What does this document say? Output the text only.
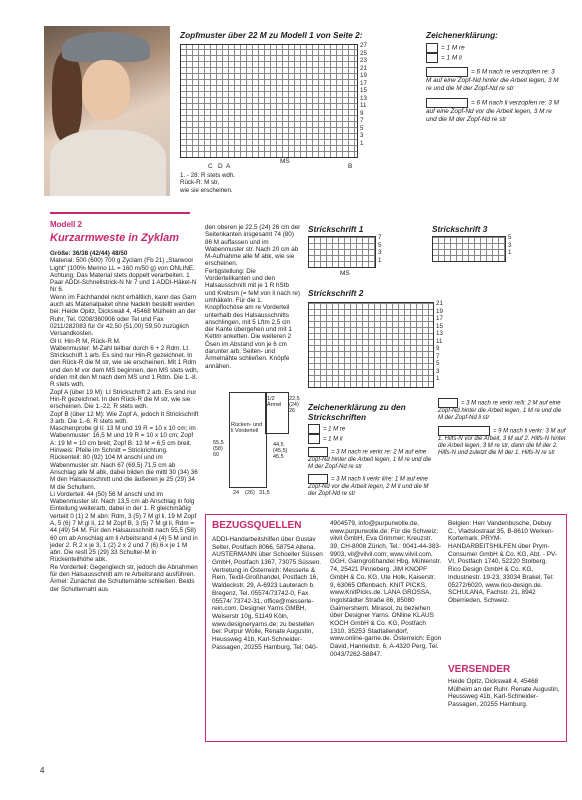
Zopfmuster über 22 M zu Modell 1 von Seite 2:
27
25
23
21
19
17
15
13
11
9
7
5
3
1
C D A
MS
B
1. - 28. R stets wdh.
Rück-R: M str,
wie sie erscheinen.
Zeichenerklärung:
= 1 M re
= 1 M li
= 6 M nach re verzopfen re: 3 M auf eine Zopf-Nd hinter die Arbeit legen, 3 M re und die M der Zopf-Nd re str
= 6 M nach li verzopfen re: 3 M auf eine Zopf-Nd vor die Arbeit legen, 3 M re und die M der Zopf-Nd re str
Modell 2
Kurzarmweste in Zyklam
Größe: 36/38 (42/44) 48/50
Material: 500 (600) 700 g Zyclam (Fb 21) „Starwool Light“ (100% Merino LL = 160 m/50 g) von ONLINE. Achtung: Das Material stets doppelt verarbeiten. 1 Paar ADDI-Schnellstrick-N Nr 7 und 1 ADDI-Häkel-N Nr 6.
Wenn im Fachhandel nicht erhältlich, kann das Garn auch als Materialpaket ohne Nadeln bestellt werden bei: Heide Opitz, Dickswall 4, 45468 Mülheim an der Ruhr, Tel. 0208/360906 oder Tel und Fax 0211/282083 für Gr 42,50 (51,00) 59,50 zuzüglich Versandkosten.
Gl li: Hin-R M, Rück-R M.
Wabenmuster: M-Zahl teilbar durch 6 + 2 Rdm. Lt Strickschrift 1 arb. Es sind nur Hin-R gezeichnet. In den Rück-R die M str, wie sie erscheinen. Mit 1 Rdm und den M vor dem MS beginnen, den MS stets wdh, enden mit den M nach dem MS und 1 Rdm. Die 1.-8. R stets wdh.
Zopf A (über 19 M): Lt Strickschrift 2 arb. Es sind nur Hin-R gezeichnet. In den Rück-R die M str, wie sie erscheinen. Die 1.-22. R stets wdh.
Zopf B (über 12 M): Wie Zopf A, jedoch lt Strickschrift 3 arb. Die 1.-6. R stets wdh.
Maschenprobe gl li: 13 M und 19 R = 10 x 10 cm; im Wabenmuster: 16,5 M und 19 R = 10 x 10 cm; Zopf A: 19 M = 10 cm breit; Zopf B: 12 M = 6,5 cm breit.
Hinweis: Pfeile im Schnitt = Strickrichtung.
Rückenteil: 80 (92) 104 M anschl und im Wabenmuster str. Nach 67 (69,5) 71,5 cm ab Anschlag alle M abk, dabei bilden die mittl 30 (34) 36 M den Halsausschnitt und die äußeren je 25 (29) 34 M die Schultern.
Li Vorderteil: 44 (50) 56 M anschl und im Wabenmuster str. Nach 13,5 cm ab Anschlag in folg Einteilung weiterarb, dabei in der 1. R gleichmäßig verteilt 0 (1) 2 M abn: Rdm, 3 (5) 7 M gl li, 19 M Zopf A, 5 (6) 7 M gl li, 12 M Zopf B, 3 (5) 7 M gl li, Rdm = 44 (49) 54 M. Für den Halsausschnitt nach 55,5 (58) 60 cm ab Anschlag am li Arbeitsrand 4 (4) 5 M und in jeder 2. R 2 x je 3, 1 (2) 2 x 2 und 7 (6) 6 x je 1 M abn. Die restl 25 (29) 33 Schulter-M in Rückenteilhöhe abk.
Re Vorderteil: Gegengleich str, jedoch die Abnahmen für den Halsausschnitt am re Arbeitsrand ausführen.
Ärmel: Zunächst die Schulternähte schließen. Beids der Schulternaht aus
den oberen je 22,5 (24) 26 cm der Seitenkanten insgesamt 74 (80) 86 M auffassen und im Wabenmuster str. Nach 20 cm ab M-Aufnahme alle M abk, wie sie erscheinen.
Fertigstellung: Die Vorderteilkanten und den Halsausschnitt mit je 1 R hStb und Krebsm (= feM von li nach re) umhäkeln. Für die 1. Knopflochöse am re Vorderteil unterhalb des Halsausschnitts anschlingen, mit 5 Lftm 2,5 cm der Kante übergehen und mit 1 Kettm anketten. Die weiteren 2 Ösen im Abstand von je 6 cm darunter arb. Seiten- und Ärmelnähte schließen. Knöpfe annähen.
Rücken- und li Vorderteil
1/2 Ärmel
22,5
(24)
26
55,5
(58)
60
44,5
(45,5)
45,5
24 (26) 31,5
Strickschrift 1
7
5
3
1
MS
Strickschrift 3
5
3
1
Strickschrift 2
21
19
17
15
13
11
9
7
5
3
1
Zeichenerklärung zu den Strickschriften
= 1 M re
= 1 M li
= 3 M nach re verkr re: 2 M auf eine Zopf-Nd hinter die Arbeit legen, 1 M re und die M der Zopf-Nd re str
= 3 M nach li verkr li/re: 1 M auf eine Zopf-Nd vor die Arbeit legen, 2 M li und die M der Zopf-Nd re str
= 3 M nach re verkr re/li: 2 M auf eine Zopf-Nd hinter die Arbeit legen, 1 M re und die M der Zopf-Nd li str
= 9 M nach li verkr: 3 M auf 1. Hilfs-N vor die Arbeit, 3 M auf 2. Hilfs-N hinter die Arbeit legen, 3 M re str, dann die M der 2. Hilfs-N und zuletzt die M der 1. Hilfs-N re str
BEZUGSQUELLEN
ADDI-Handarbeitshilfen über Gustav Selter, Postfach 8066, 58754 Altena. AUSTERMANN über Schoeller Süssen GmbH, Postfach 1367, 73075 Süssen. Vertretung in Österreich: Messerle & Rein, Textil-Großhandel, Postfach 16, Waldeckstr. 29, A-6923 Lauterach b. Bregenz, Tel. 05574/73742-0, Fax 05574/ 73742-31, office@messerle-rein.com. Designer Yarns GMBH, Welserstr 10g, 51149 Köln, www.designeryarns.de; zu bestellen bei: Purpur Wolle, Renate Augustin, Heussweg 41b, Karl-Schneider-Passagen, 20255 Hamburg, Tel: 040-
4904579, info@purpurwolle.de, www.purpurwolle.de; Für die Schweiz: vilvil GmbH, Eva Grimmer; Kreuzstr. 39, CH-8008 Zürich, Tel.: 0041-44-383-9903, vil@vilvil.com; www.vilvil.com. GGH, Garngroßhandel Hbg, Mühlenstr. 74, 25421 Pinneberg. JIM KNOPF GmbH & Co. KG, Ute Holk, Kaiserstr. 9, 63065 Offenbach. KNIT PICKS, www.KnitPicks.de. LANA GROSSA, Ingolstädter Straße 86, 85080 Gaimersheim. Mirasol, zu beziehen über Designer Yarns. ONline KLAUS KOCH GmbH & Co. KG, Postfach 1310, 35253 Stadtallendorf, www.online-garne.de. Österreich: Egon David, Hanriedstr. 6, A-4320 Perg, Tel. 0043/7262-58847.
Belgien: Herr Vandenbusche, Debuy C., Vladslostraat 35, B-8610 Werken-Kortemark. PRYM-HANDARBEITSHILFEN über Prym-Consumer GmbH & Co. KG, Abt. - PV-VI, Postfach 1740, 52220 Stolberg. Rico Design GmbH & Co. KG, Industriestr. 19-23, 33034 Brakel, Tel: 05272/6020, www.rico-design.de. SCHULANA, Fachstr. 21, 8942 Oberrieden, Schweiz.
VERSENDER
Heide Opitz, Dickswall 4, 45468 Mülheim an der Ruhr. Renate Augustin, Heussweg 41b, Karl-Schneider-Passagen, 20255 Hamburg.
4
